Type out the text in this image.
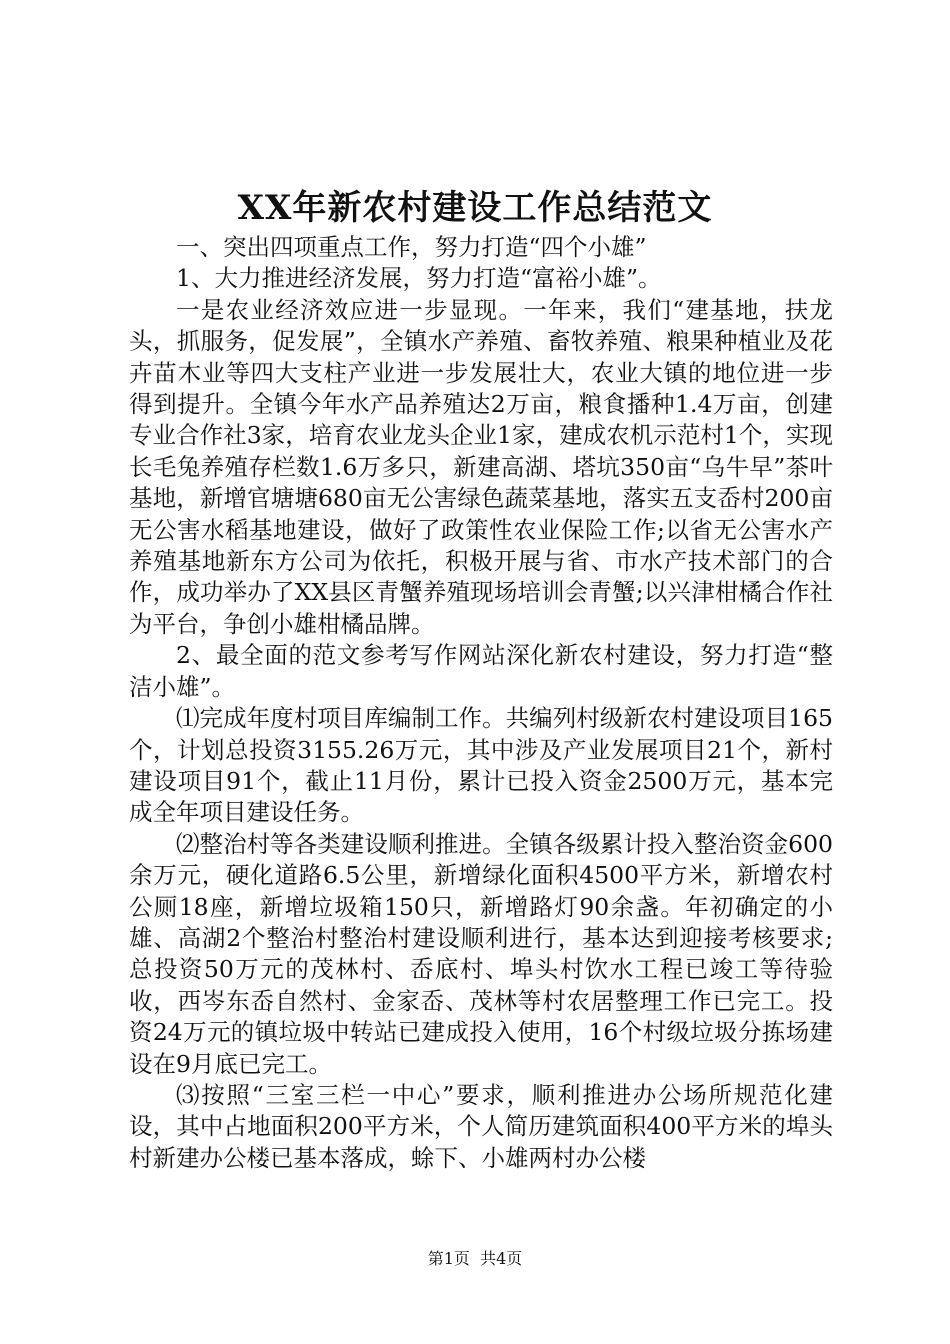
XX年新农村建设工作总结范文

一、突出四项重点工作，努力打造“四个小雄”

1、大力推进经济发展，努力打造“富裕小雄”。

一是农业经济效应进一步显现。一年来，我们“建基地，扶龙头，抓服务，促发展”，全镇水产养殖、畜牧养殖、粮果种植业及花卉苗木业等四大支柱产业进一步发展壮大，农业大镇的地位进一步得到提升。全镇今年水产品养殖达2万亩，粮食播种1.4万亩，创建专业合作社3家，培育农业龙头企业1家，建成农机示范村1个，实现长毛兔养殖存栏数1.6万多只，新建高湖、塔坑350亩“乌牛早”茶叶基地，新增官塘塘680亩无公害绿色蔬菜基地，落实五支岙村200亩无公害水稻基地建设，做好了政策性农业保险工作;以省无公害水产养殖基地新东方公司为依托，积极开展与省、市水产技术部门的合作，成功举办了XX县区青蟹养殖现场培训会青蟹;以兴津柑橘合作社为平台，争创小雄柑橘品牌。

2、最全面的范文参考写作网站深化新农村建设，努力打造“整洁小雄”。

⑴完成年度村项目库编制工作。共编列村级新农村建设项目165个，计划总投资3155.26万元，其中涉及产业发展项目21个，新村建设项目91个，截止11月份，累计已投入资金2500万元，基本完成全年项目建设任务。

⑵整治村等各类建设顺利推进。全镇各级累计投入整治资金600余万元，硬化道路6.5公里，新增绿化面积4500平方米，新增农村公厕18座，新增垃圾箱150只，新增路灯90余盏。年初确定的小雄、高湖2个整治村整治村建设顺利进行，基本达到迎接考核要求;总投资50万元的茂林村、岙底村、埠头村饮水工程已竣工等待验收，西岑东岙自然村、金家岙、茂林等村农居整理工作已完工。投资24万元的镇垃圾中转站已建成投入使用，16个村级垃圾分拣场建设在9月底已完工。

⑶按照“三室三栏一中心”要求，顺利推进办公场所规范化建设，其中占地面积200平方米，个人简历建筑面积400平方米的埠头村新建办公楼已基本落成，蜍下、小雄两村办公楼

第1页 共4页
